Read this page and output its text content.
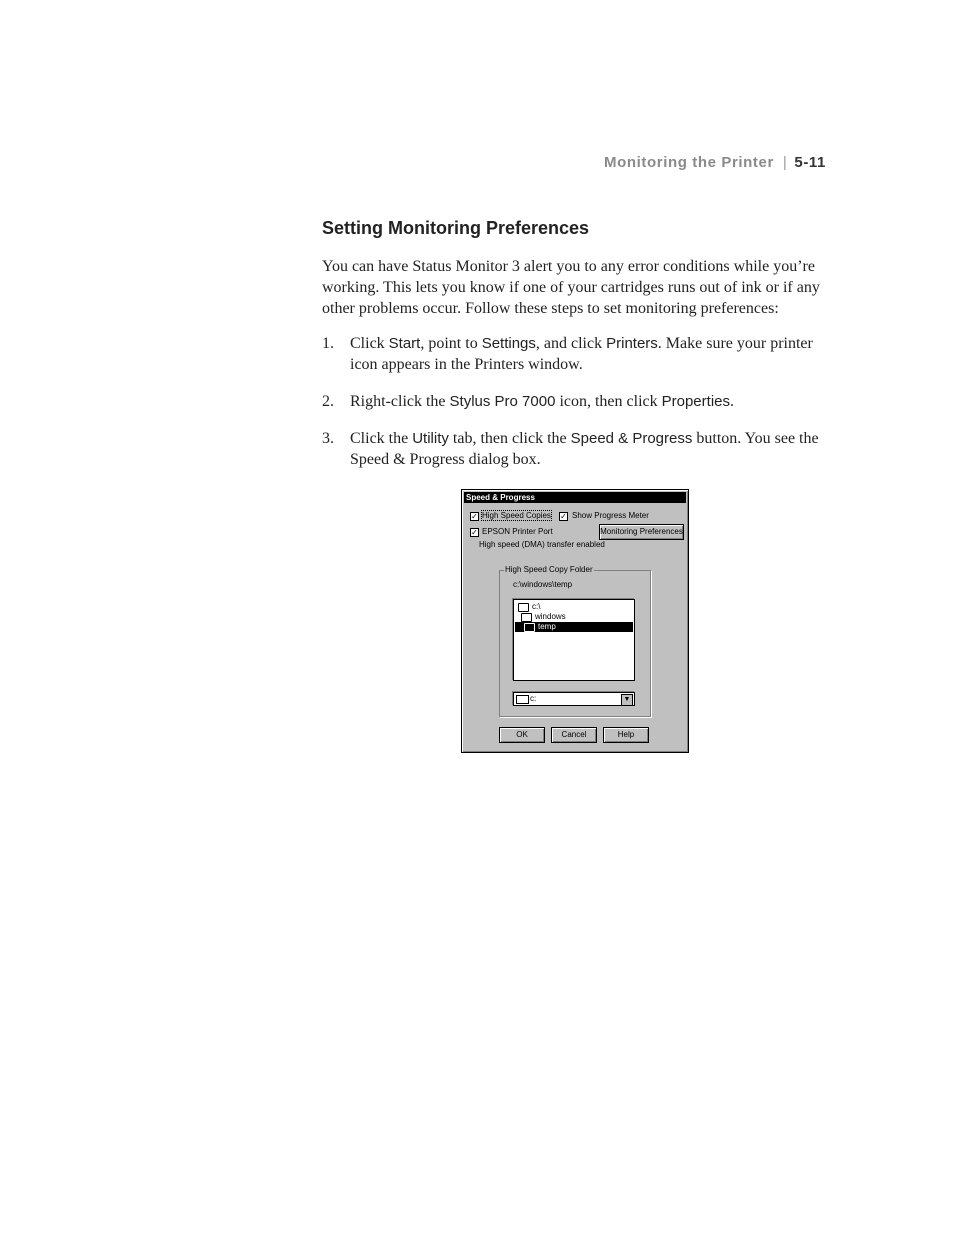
Monitoring the Printer | 5-11
Setting Monitoring Preferences

You can have Status Monitor 3 alert you to any error conditions while you’re working. This lets you know if one of your cartridges runs out of ink or if any other problems occur. Follow these steps to set monitoring preferences:

1. Click Start, point to Settings, and click Printers. Make sure your printer icon appears in the Printers window.
2. Right-click the Stylus Pro 7000 icon, then click Properties.
3. Click the Utility tab, then click the Speed & Progress button. You see the Speed & Progress dialog box.
Speed & Progress
✓ High Speed Copies ✓ Show Progress Meter
✓ EPSON Printer Port	Monitoring Preferences
High speed (DMA) transfer enabled
High Speed Copy Folder
c:\windows\temp
c:\
windows
temp
c:	▼
OK	Cancel	Help
